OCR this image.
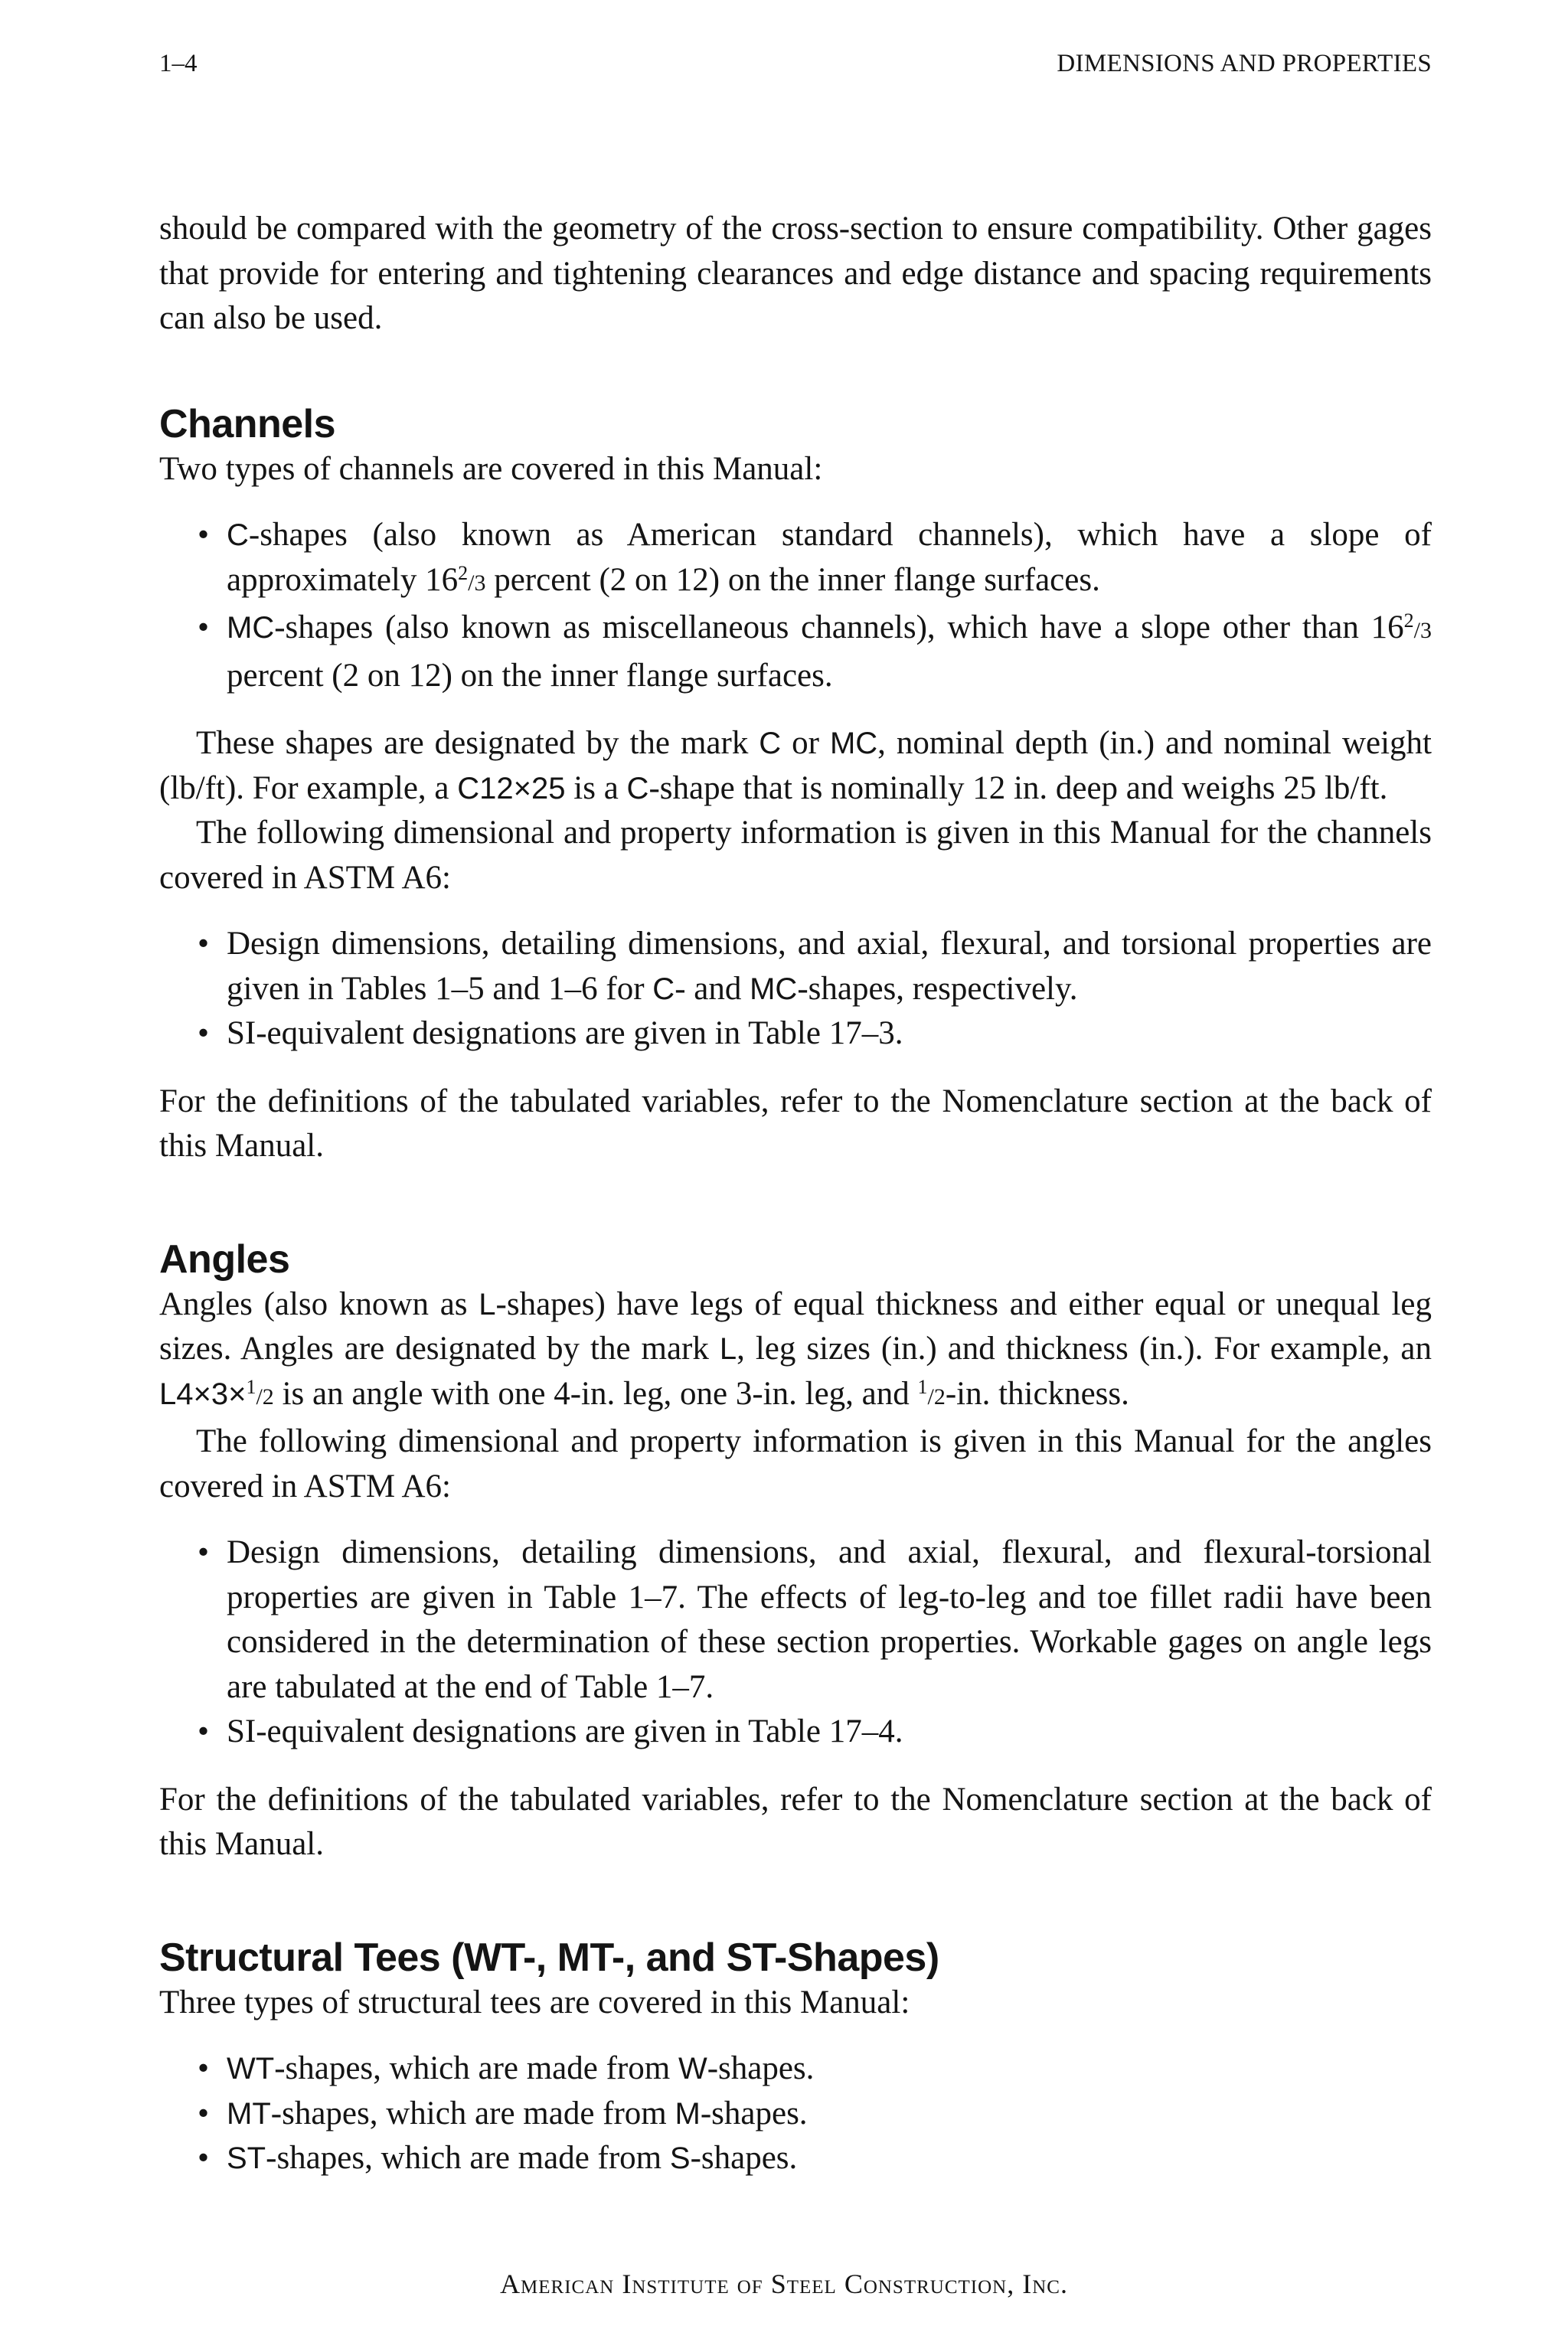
1–4	DIMENSIONS AND PROPERTIES

should be compared with the geometry of the cross-section to ensure compatibility. Other gages that provide for entering and tightening clearances and edge distance and spacing requirements can also be used.

Channels

Two types of channels are covered in this Manual:

• C-shapes (also known as American standard channels), which have a slope of approximately $16^2/3$ percent (2 on 12) on the inner flange surfaces.
• MC-shapes (also known as miscellaneous channels), which have a slope other than $16^2/3$ percent (2 on 12) on the inner flange surfaces.

These shapes are designated by the mark C or MC, nominal depth (in.) and nominal weight (lb/ft). For example, a C12×25 is a C-shape that is nominally 12 in. deep and weighs 25 lb/ft.

The following dimensional and property information is given in this Manual for the channels covered in ASTM A6:

• Design dimensions, detailing dimensions, and axial, flexural, and torsional properties are given in Tables 1–5 and 1–6 for C- and MC-shapes, respectively.
• SI-equivalent designations are given in Table 17–3.

For the definitions of the tabulated variables, refer to the Nomenclature section at the back of this Manual.

Angles

Angles (also known as L-shapes) have legs of equal thickness and either equal or unequal leg sizes. Angles are designated by the mark L, leg sizes (in.) and thickness (in.). For example, an L4×3×$^1$/2 is an angle with one 4-in. leg, one 3-in. leg, and $^1$/2-in. thickness.

The following dimensional and property information is given in this Manual for the angles covered in ASTM A6:

• Design dimensions, detailing dimensions, and axial, flexural, and flexural-torsional properties are given in Table 1–7. The effects of leg-to-leg and toe fillet radii have been considered in the determination of these section properties. Workable gages on angle legs are tabulated at the end of Table 1–7.
• SI-equivalent designations are given in Table 17–4.

For the definitions of the tabulated variables, refer to the Nomenclature section at the back of this Manual.

Structural Tees (WT-, MT-, and ST-Shapes)

Three types of structural tees are covered in this Manual:

• WT-shapes, which are made from W-shapes.
• MT-shapes, which are made from M-shapes.
• ST-shapes, which are made from S-shapes.
American Institute of Steel Construction, Inc.
